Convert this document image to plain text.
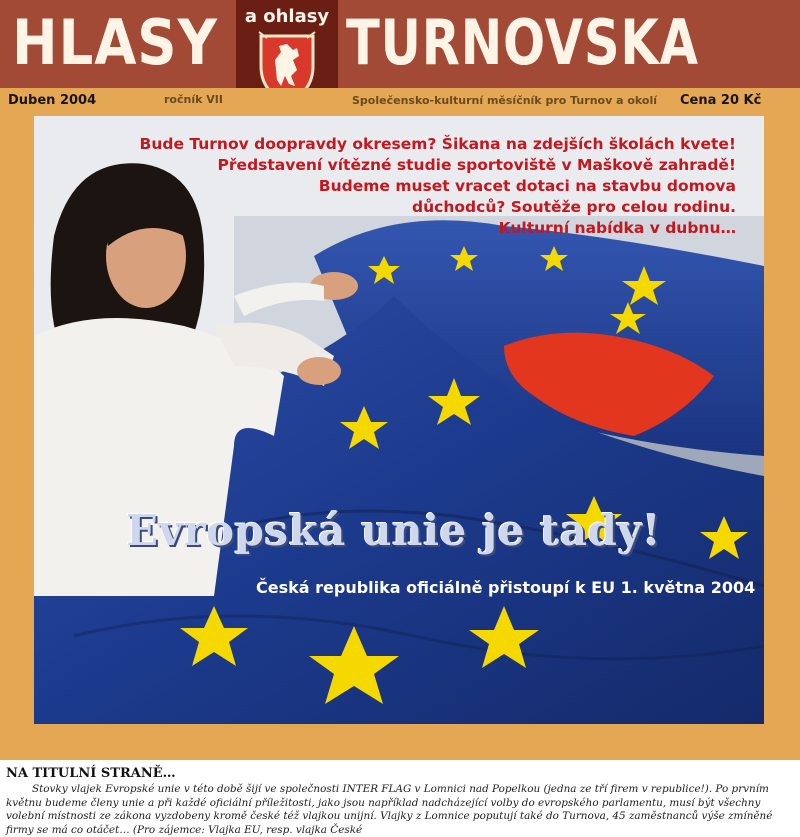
HLASY TURNOVSKA
a ohlasy
Duben 2004	ročník VII	Společensko-kulturní měsíčník pro Turnov a okolí Cena 20 Kč
Bude Turnov doopravdy okresem? Šikana na zdejších školách kvete!
Představení vítězné studie sportoviště v Maškově zahradě!
Budeme muset vracet dotaci na stavbu domova
důchodců? Soutěže pro celou rodinu.
Kulturní nabídka v dubnu…
Evropská unie je tady!
Česká republika oficiálně přistoupí k EU 1. května 2004

NA TITULNÍ STRANĚ…

Stovky vlajek Evropské unie v této době šijí ve společnosti INTER FLAG v Lomnici nad Popelkou (jedna ze tří firem v republice!). Po prvním květnu budeme členy unie a při každé oficiální příležitosti, jako jsou například nadcházející volby do evropského parlamentu, musí být všechny volební místnosti ze zákona vyzdobeny kromě české též vlajkou unijní. Vlajky z Lomnice poputují také do Turnova, 45 zaměstnanců výše zmíněné firmy se má co otáčet… (Pro zájemce: Vlajka EU, resp. vlajka České
